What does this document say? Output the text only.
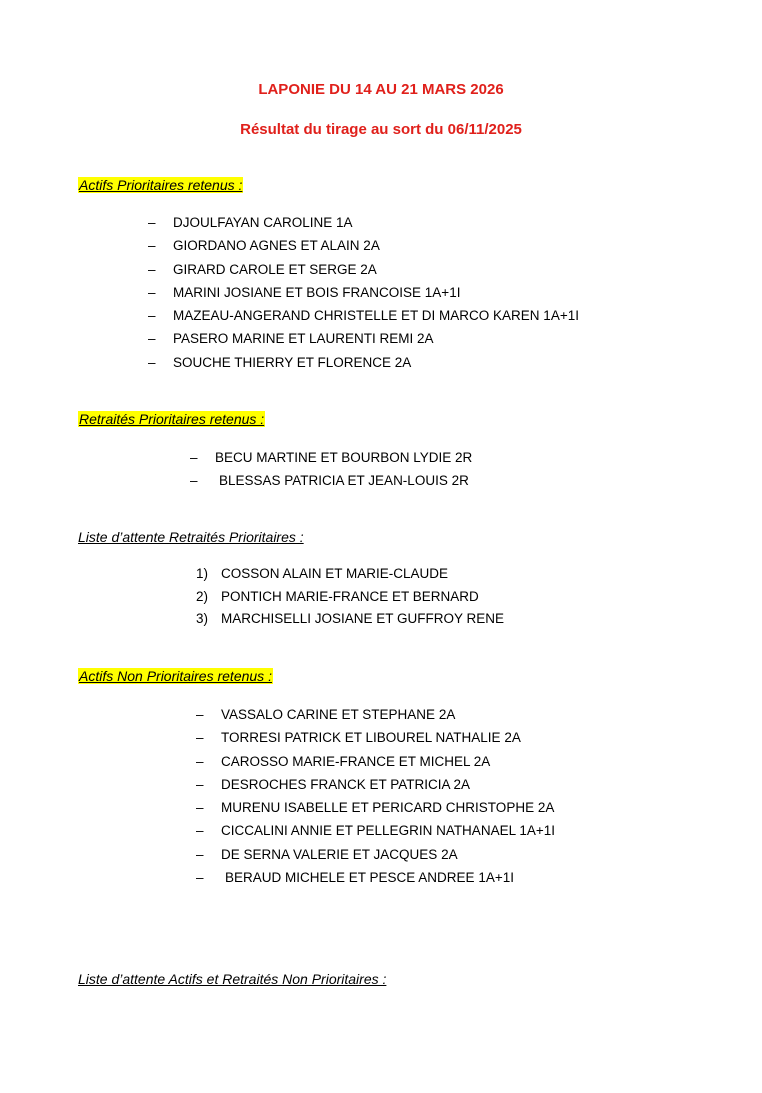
LAPONIE DU 14 AU 21 MARS 2026
Résultat du tirage au sort du 06/11/2025

Actifs Prioritaires retenus :

– DJOULFAYAN CAROLINE 1A
– GIORDANO AGNES ET ALAIN 2A
– GIRARD CAROLE ET SERGE 2A
– MARINI JOSIANE ET BOIS FRANCOISE 1A+1I
– MAZEAU-ANGERAND CHRISTELLE ET DI MARCO KAREN 1A+1I
– PASERO MARINE ET LAURENTI REMI 2A
– SOUCHE THIERRY ET FLORENCE 2A

Retraités Prioritaires retenus :

– BECU MARTINE ET BOURBON LYDIE 2R
– BLESSAS PATRICIA ET JEAN-LOUIS 2R

Liste d’attente Retraités Prioritaires :

1) COSSON ALAIN ET MARIE-CLAUDE
2) PONTICH MARIE-FRANCE ET BERNARD
3) MARCHISELLI JOSIANE ET GUFFROY RENE

Actifs Non Prioritaires retenus :

– VASSALO CARINE ET STEPHANE 2A
– TORRESI PATRICK ET LIBOUREL NATHALIE 2A
– CAROSSO MARIE-FRANCE ET MICHEL 2A
– DESROCHES FRANCK ET PATRICIA 2A
– MURENU ISABELLE ET PERICARD CHRISTOPHE 2A
– CICCALINI ANNIE ET PELLEGRIN NATHANAEL 1A+1I
– DE SERNA VALERIE ET JACQUES 2A
– BERAUD MICHELE ET PESCE ANDREE 1A+1I

Liste d’attente Actifs et Retraités Non Prioritaires :
